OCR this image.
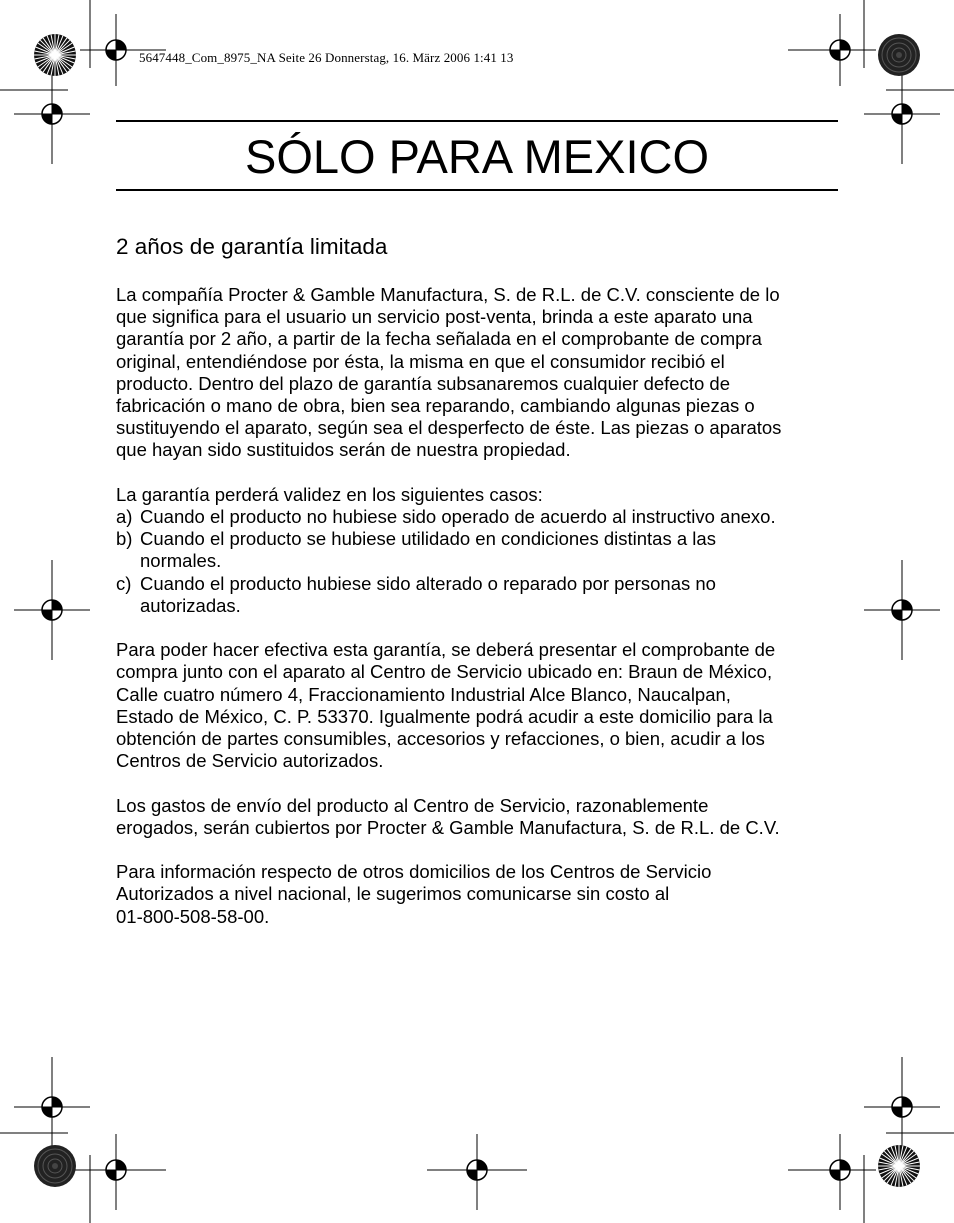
5647448_Com_8975_NA Seite 26 Donnerstag, 16. März 2006 1:41 13
SÓLO PARA MEXICO
2 años de garantía limitada

La compañía Procter & Gamble Manufactura, S. de R.L. de C.V. consciente de lo
que significa para el usuario un servicio post-venta, brinda a este aparato una
garantía por 2 año, a partir de la fecha señalada en el comprobante de compra
original, entendiéndose por ésta, la misma en que el consumidor recibió el
producto. Dentro del plazo de garantía subsanaremos cualquier defecto de
fabricación o mano de obra, bien sea reparando, cambiando algunas piezas o
sustituyendo el aparato, según sea el desperfecto de éste. Las piezas o aparatos
que hayan sido sustituidos serán de nuestra propiedad.

La garantía perderá validez en los siguientes casos:

a) Cuando el producto no hubiese sido operado de acuerdo al instructivo anexo.
b) Cuando el producto se hubiese utilidado en condiciones distintas a las
normales.
c) Cuando el producto hubiese sido alterado o reparado por personas no
autorizadas.

Para poder hacer efectiva esta garantía, se deberá presentar el comprobante de
compra junto con el aparato al Centro de Servicio ubicado en: Braun de México,
Calle cuatro número 4, Fraccionamiento Industrial Alce Blanco, Naucalpan,
Estado de México, C. P. 53370. Igualmente podrá acudir a este domicilio para la
obtención de partes consumibles, accesorios y refacciones, o bien, acudir a los
Centros de Servicio autorizados.

Los gastos de envío del producto al Centro de Servicio, razonablemente
erogados, serán cubiertos por Procter & Gamble Manufactura, S. de R.L. de C.V.

Para información respecto de otros domicilios de los Centros de Servicio
Autorizados a nivel nacional, le sugerimos comunicarse sin costo al
01-800-508-58-00.
